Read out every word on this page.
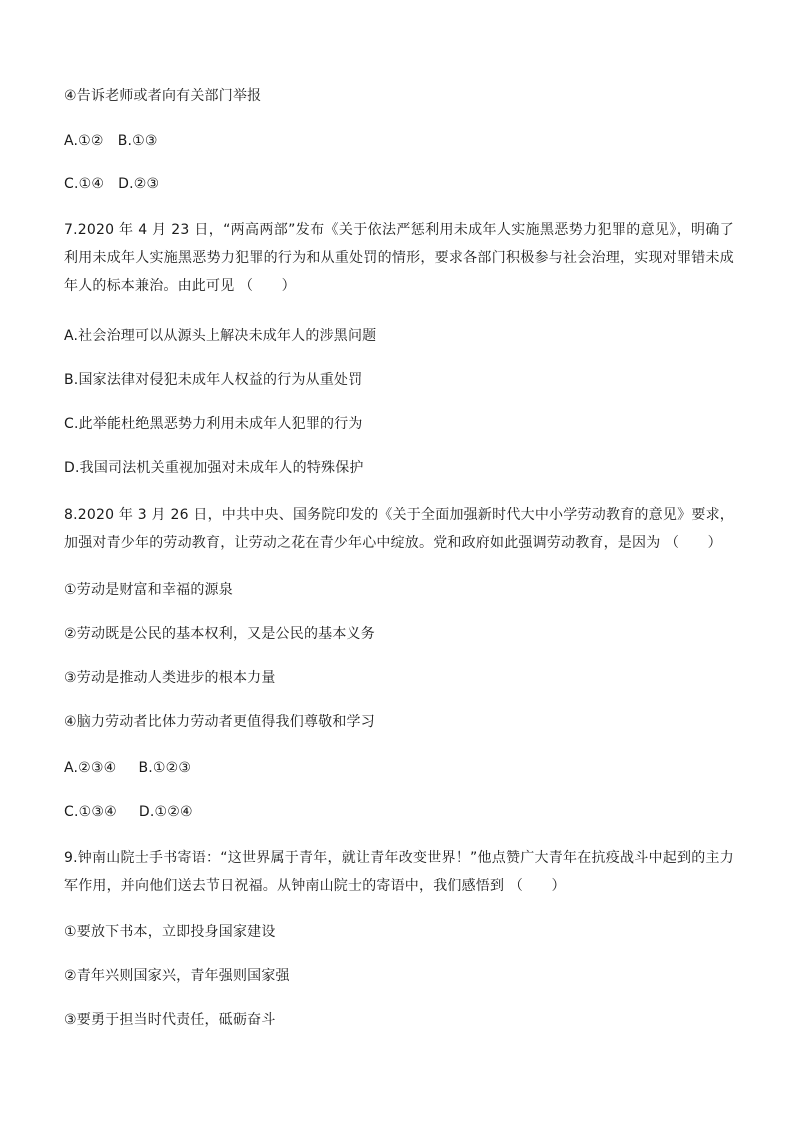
④告诉老师或者向有关部门举报
A.①② B.①③
C.①④ D.②③
7.2020 年 4 月 23 日，“两高两部”发布《关于依法严惩利用未成年人实施黑恶势力犯罪的意见》，明确了利用未成年人实施黑恶势力犯罪的行为和从重处罚的情形，要求各部门积极参与社会治理，实现对罪错未成年人的标本兼治。由此可见 （　　）
A.社会治理可以从源头上解决未成年人的涉黑问题
B.国家法律对侵犯未成年人权益的行为从重处罚
C.此举能杜绝黑恶势力利用未成年人犯罪的行为
D.我国司法机关重视加强对未成年人的特殊保护
8.2020 年 3 月 26 日，中共中央、国务院印发的《关于全面加强新时代大中小学劳动教育的意见》要求，加强对青少年的劳动教育，让劳动之花在青少年心中绽放。党和政府如此强调劳动教育，是因为 （　　）
①劳动是财富和幸福的源泉
②劳动既是公民的基本权利，又是公民的基本义务
③劳动是推动人类进步的根本力量
④脑力劳动者比体力劳动者更值得我们尊敬和学习
A.②③④ B.①②③
C.①③④ D.①②④
9.钟南山院士手书寄语：“这世界属于青年，就让青年改变世界！”他点赞广大青年在抗疫战斗中起到的主力军作用，并向他们送去节日祝福。从钟南山院士的寄语中，我们感悟到 （　　）
①要放下书本，立即投身国家建设
②青年兴则国家兴，青年强则国家强
③要勇于担当时代责任，砥砺奋斗
